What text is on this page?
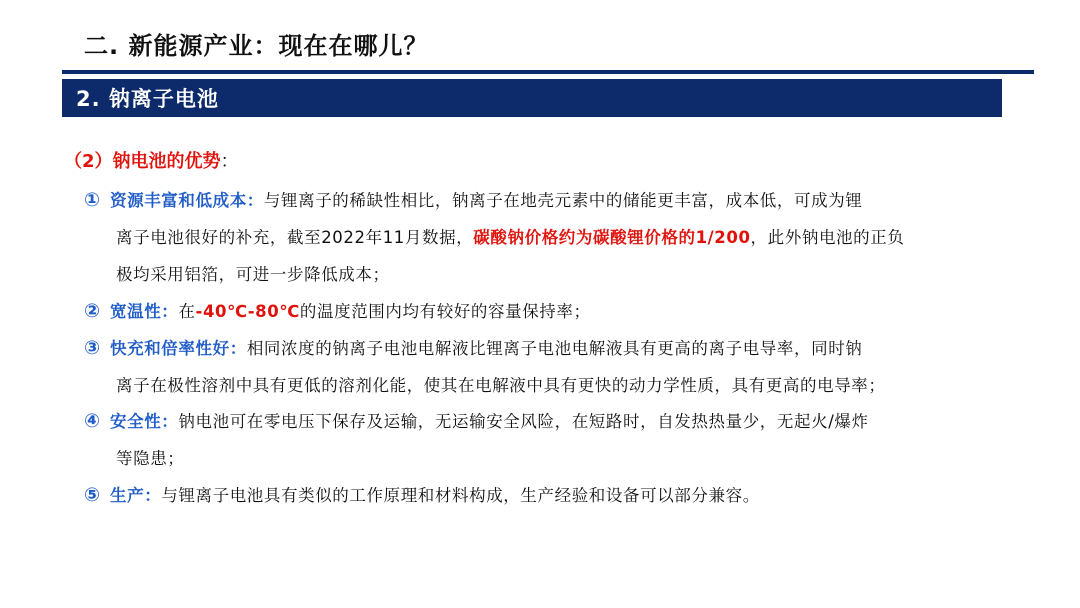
二. 新能源产业：现在在哪儿？
2. 钠离子电池
（2）钠电池的优势：
① 资源丰富和低成本：与锂离子的稀缺性相比，钠离子在地壳元素中的储能更丰富，成本低，可成为锂
离子电池很好的补充，截至2022年11月数据，碳酸钠价格约为碳酸锂价格的1/200，此外钠电池的正负
极均采用铝箔，可进一步降低成本；
② 宽温性：在-40℃-80℃的温度范围内均有较好的容量保持率；
③ 快充和倍率性好：相同浓度的钠离子电池电解液比锂离子电池电解液具有更高的离子电导率，同时钠
离子在极性溶剂中具有更低的溶剂化能，使其在电解液中具有更快的动力学性质，具有更高的电导率；
④ 安全性：钠电池可在零电压下保存及运输，无运输安全风险，在短路时，自发热热量少，无起火/爆炸
等隐患；
⑤ 生产：与锂离子电池具有类似的工作原理和材料构成，生产经验和设备可以部分兼容。
